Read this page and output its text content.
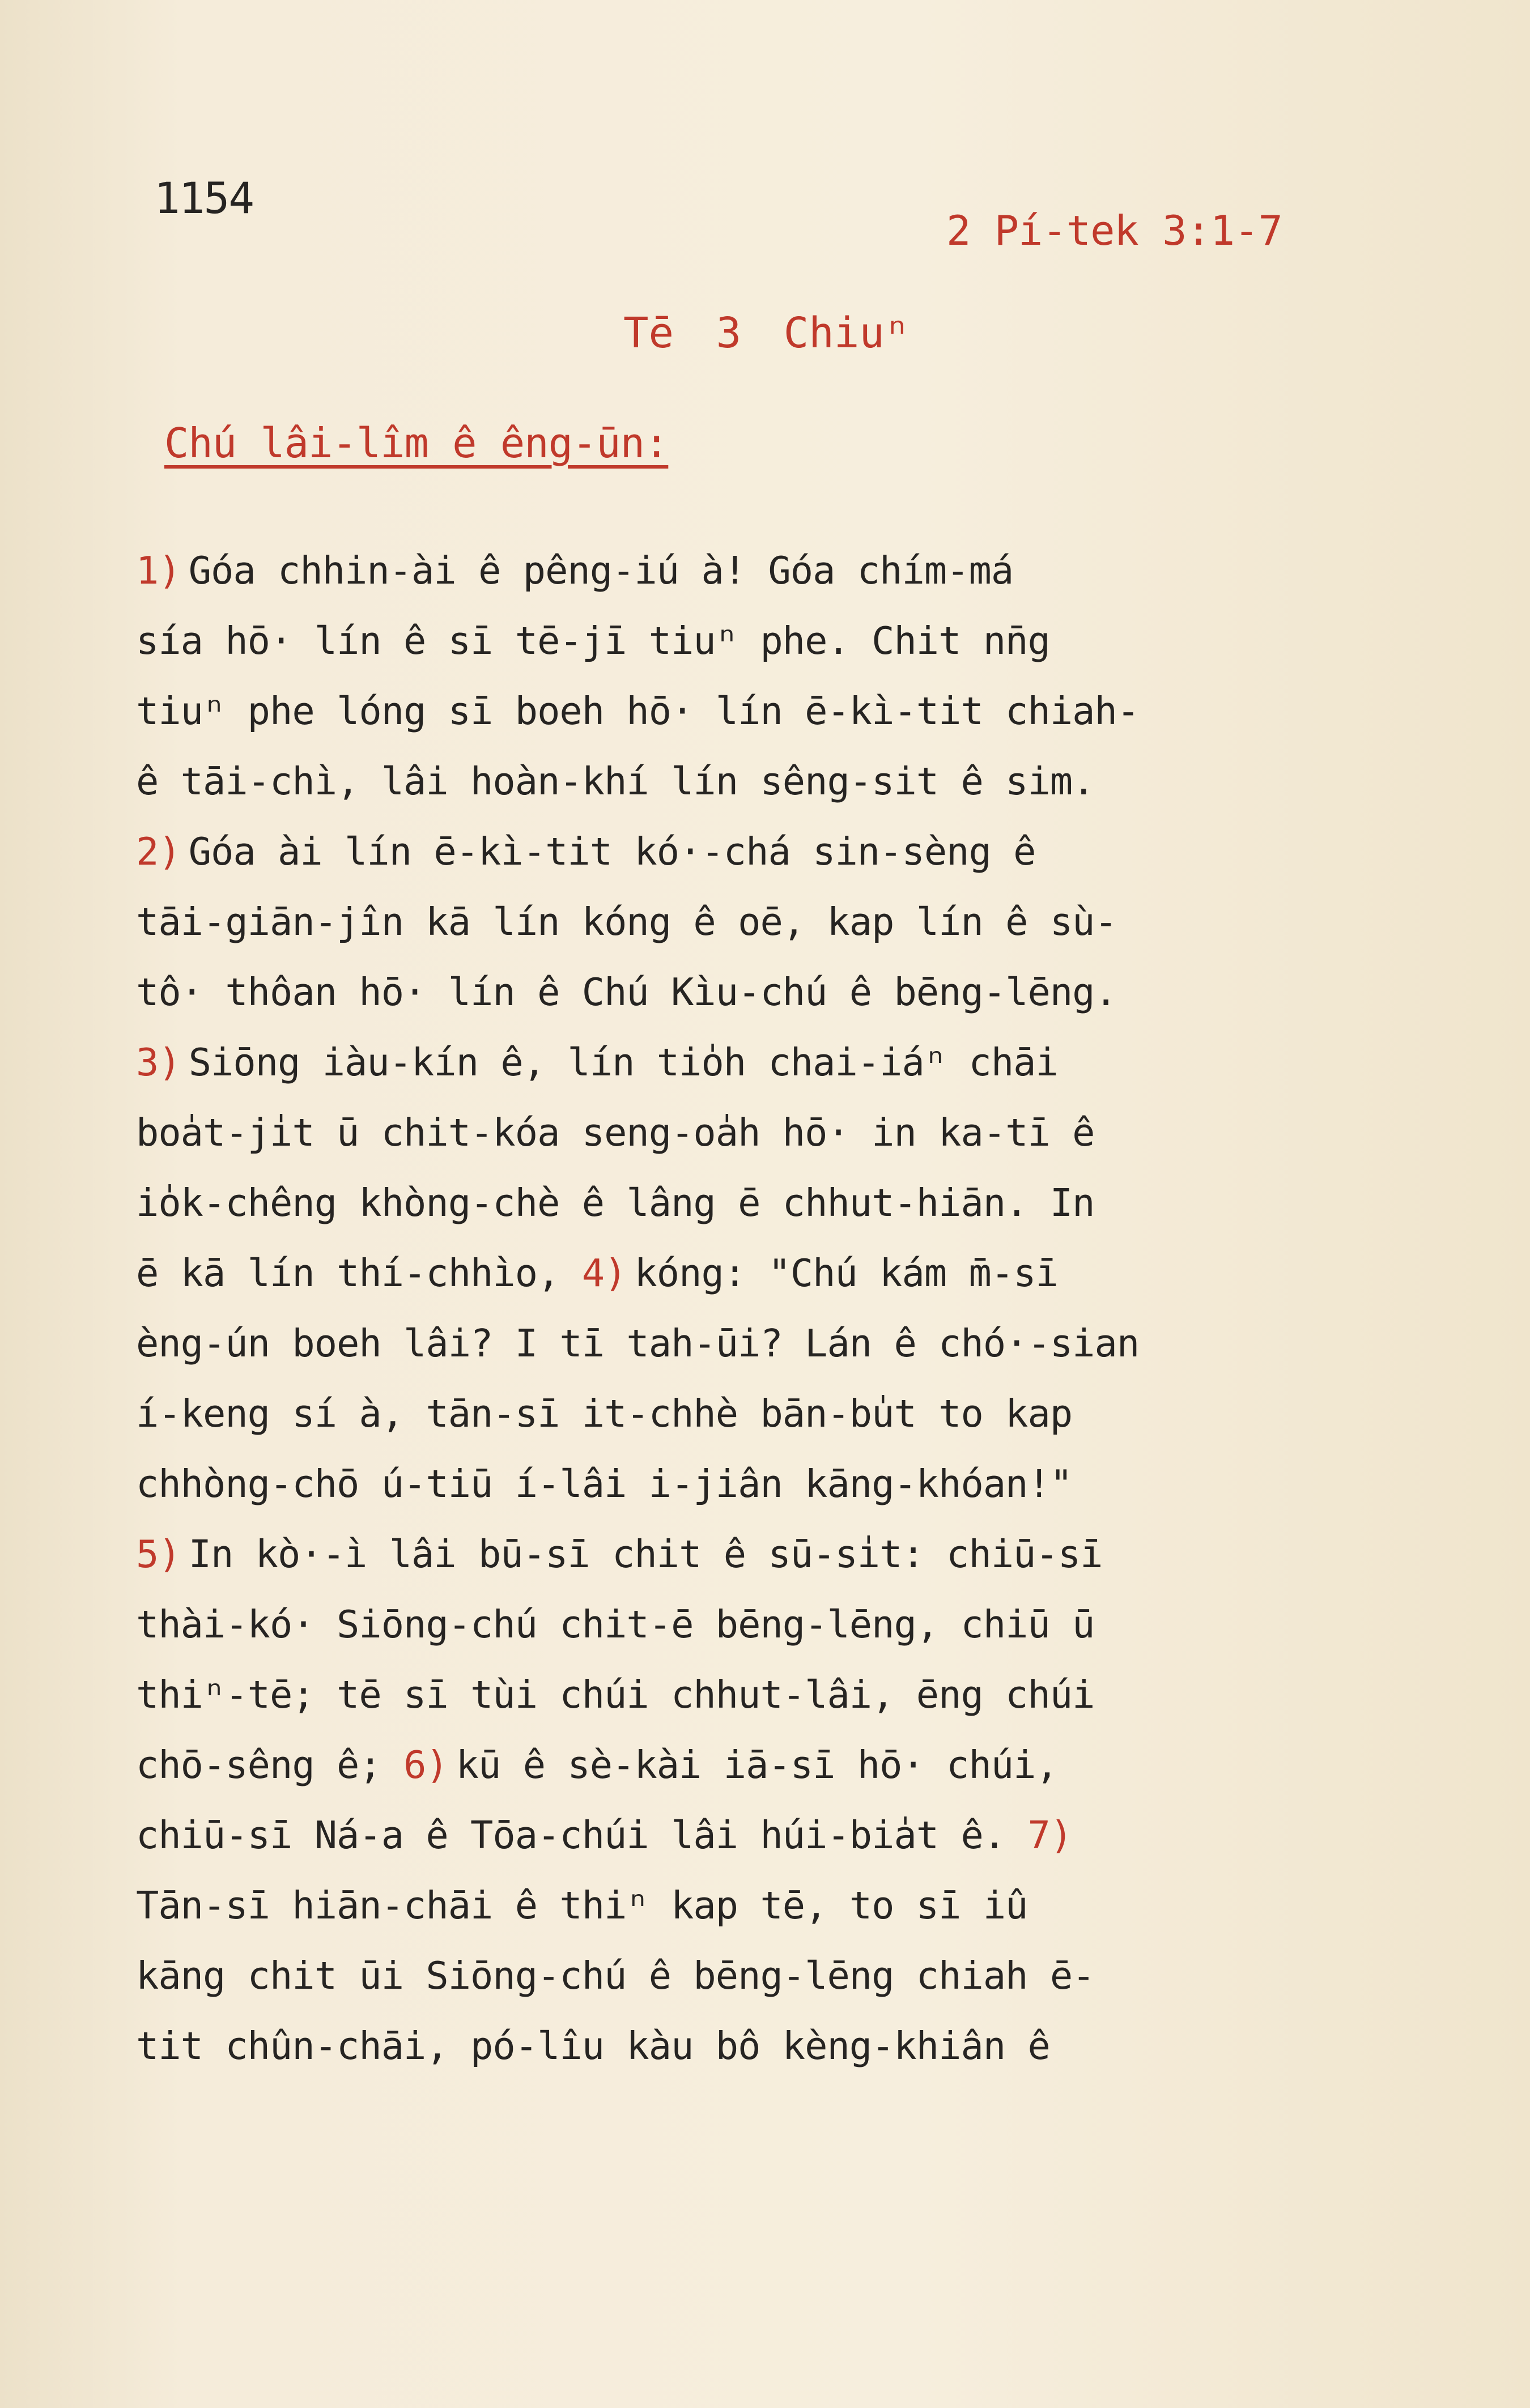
1154
2 Pí-tek 3:1-7
Tē 3 Chiuⁿ
Chú lâi-lîm ê êng-ūn:
1) Góa chhin-ài ê pêng-iú à! Góa chím-má
sía hō· lín ê sī tē-jī tiuⁿ phe. Chit nn̄g
tiuⁿ phe lóng sī boeh hō· lín ē-kì-tit chiah-
ê tāi-chì, lâi hoàn-khí lín sêng-sit ê sim.
2) Góa ài lín ē-kì-tit kó·-chá sin-sèng ê
tāi-giān-jîn kā lín kóng ê oē, kap lín ê sù-
tô· thôan hō· lín ê Chú Kìu-chú ê bēng-lēng.
3) Siōng iàu-kín ê, lín tio̍h chai-iáⁿ chāi
boa̍t-ji̍t ū chit-kóa seng-oa̍h hō· in ka-tī ê
io̍k-chêng khòng-chè ê lâng ē chhut-hiān. In
ē kā lín thí-chhìo, 4) kóng: "Chú kám m̄-sī
èng-ún boeh lâi? I tī tah-ūi? Lán ê chó·-sian
í-keng sí à, tān-sī it-chhè bān-bu̍t to kap
chhòng-chō ú-tiū í-lâi i-jiân kāng-khóan!"
5) In kò·-ì lâi bū-sī chit ê sū-si̍t: chiū-sī
thài-kó· Siōng-chú chit-ē bēng-lēng, chiū ū
thiⁿ-tē; tē sī tùi chúi chhut-lâi, ēng chúi
chō-sêng ê; 6) kū ê sè-kài iā-sī hō· chúi,
chiū-sī Ná-a ê Tōa-chúi lâi húi-bia̍t ê. 7)
Tān-sī hiān-chāi ê thiⁿ kap tē, to sī iû
kāng chit ūi Siōng-chú ê bēng-lēng chiah ē-
tit chûn-chāi, pó-lîu kàu bô kèng-khiân ê
